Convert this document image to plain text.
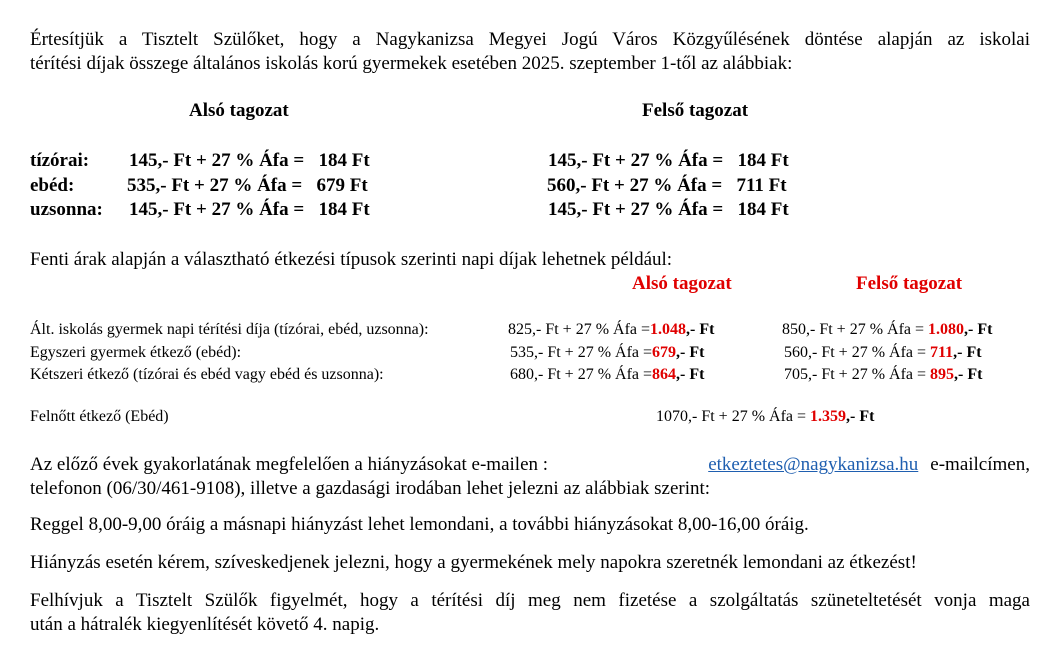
Értesítjük a Tisztelt Szülőket, hogy a Nagykanizsa Megyei Jogú Város Közgyűlésének döntése alapján az iskolai
térítési díjak összege általános iskolás korú gyermekek esetében 2025. szeptember 1-től az alábbiak:
Alsó tagozat	Felső tagozat
tízórai: 145,- Ft + 27 % Áfa =   184 Ft	145,- Ft + 27 % Áfa =   184 Ft
ebéd:	535,- Ft + 27 % Áfa =   679 Ft	560,- Ft + 27 % Áfa =   711 Ft
uzsonna: 145,- Ft + 27 % Áfa =   184 Ft	145,- Ft + 27 % Áfa =   184 Ft
Fenti árak alapján a választható étkezési típusok szerinti napi díjak lehetnek például:
Alsó tagozat	Felső tagozat
Ált. iskolás gyermek napi térítési díja (tízórai, ebéd, uzsonna):	825,- Ft + 27 % Áfa =1.048,- Ft	850,- Ft + 27 % Áfa = 1.080,- Ft
Egyszeri gyermek étkező (ebéd):	535,- Ft + 27 % Áfa =679,- Ft	560,- Ft + 27 % Áfa = 711,- Ft
Kétszeri étkező (tízórai és ebéd vagy ebéd és uzsonna):	680,- Ft + 27 % Áfa =864,- Ft	705,- Ft + 27 % Áfa = 895,- Ft
Felnőtt étkező (Ebéd)	1070,- Ft + 27 % Áfa = 1.359,- Ft
Az előző évek gyakorlatának megfelelően a hiányzásokat e-mailen :	etkeztetes@nagykanizsa.hu e-mailcímen,
telefonon (06/30/461-9108), illetve a gazdasági irodában lehet jelezni az alábbiak szerint:
Reggel 8,00-9,00 óráig a másnapi hiányzást lehet lemondani, a további hiányzásokat 8,00-16,00 óráig.
Hiányzás esetén kérem, szíveskedjenek jelezni, hogy a gyermekének mely napokra szeretnék lemondani az étkezést!
Felhívjuk a Tisztelt Szülők figyelmét, hogy a térítési díj meg nem fizetése a szolgáltatás szüneteltetését vonja maga
után a hátralék kiegyenlítését követő 4. napig.
